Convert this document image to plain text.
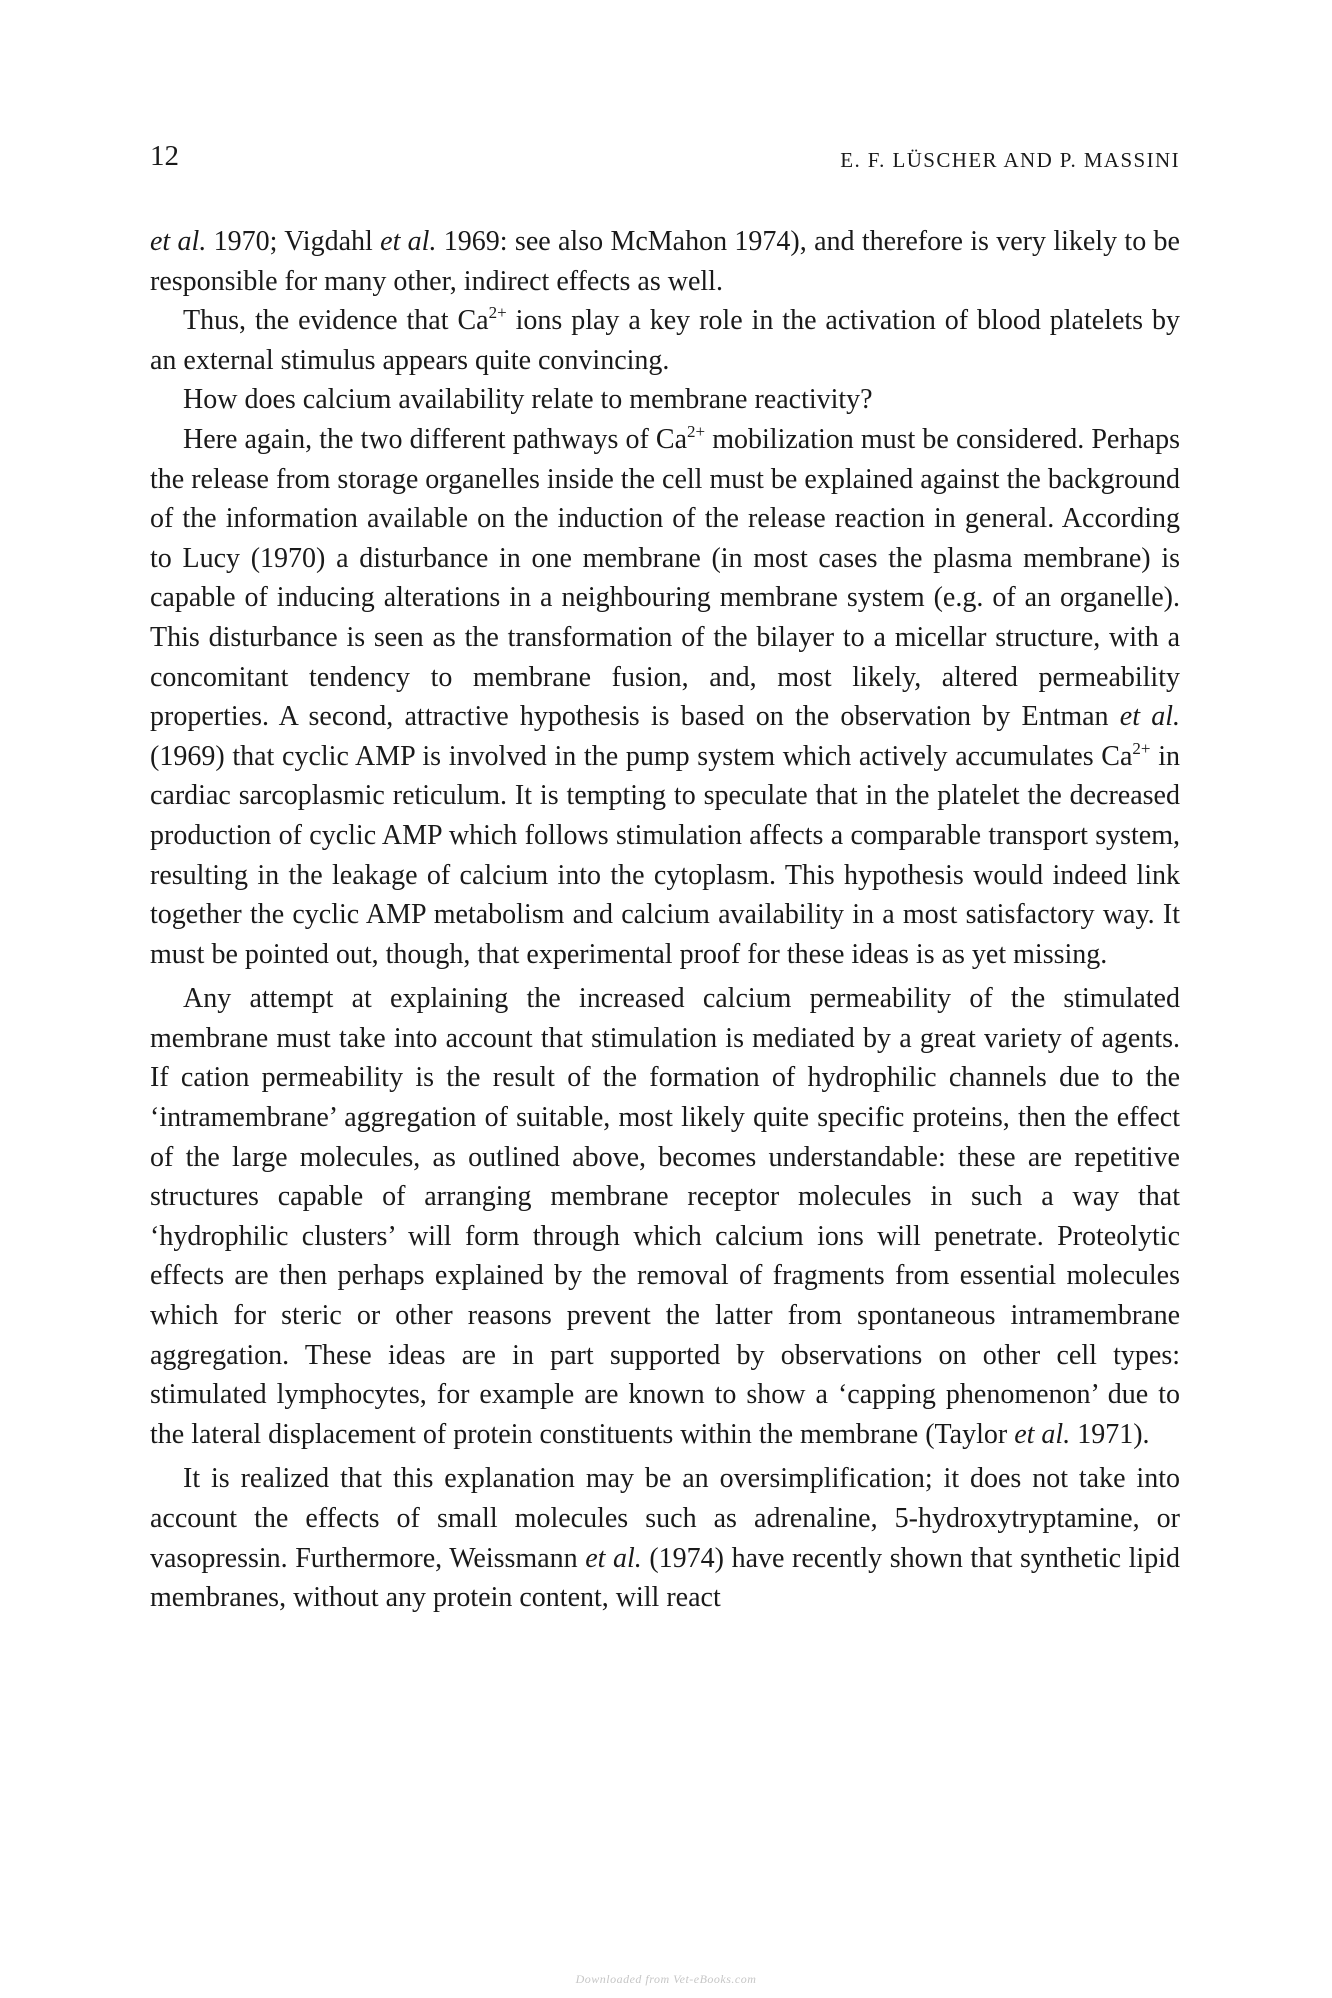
12	E. F. LÜSCHER AND P. MASSINI

et al. 1970; Vigdahl et al. 1969: see also McMahon 1974), and therefore is very likely to be responsible for many other, indirect effects as well.

Thus, the evidence that $Ca^{2+}$ ions play a key role in the activation of blood platelets by an external stimulus appears quite convincing.

How does calcium availability relate to membrane reactivity?

Here again, the two different pathways of $Ca^{2+}$ mobilization must be considered. Perhaps the release from storage organelles inside the cell must be explained against the background of the information available on the induction of the release reaction in general. According to Lucy (1970) a disturbance in one membrane (in most cases the plasma membrane) is capable of inducing alterations in a neighbouring membrane system (e.g. of an organelle). This disturbance is seen as the transformation of the bilayer to a micellar structure, with a concomitant tendency to membrane fusion, and, most likely, altered permeability properties. A second, attractive hypothesis is based on the observation by Entman et al. (1969) that cyclic AMP is involved in the pump system which actively accumulates $Ca^{2+}$ in cardiac sarcoplasmic reticulum. It is tempting to speculate that in the platelet the decreased production of cyclic AMP which follows stimulation affects a comparable transport system, resulting in the leakage of calcium into the cytoplasm. This hypothesis would indeed link together the cyclic AMP metabolism and calcium availability in a most satisfactory way. It must be pointed out, though, that experimental proof for these ideas is as yet missing.

Any attempt at explaining the increased calcium permeability of the stimulated membrane must take into account that stimulation is mediated by a great variety of agents. If cation permeability is the result of the formation of hydrophilic channels due to the ‘intramembrane’ aggregation of suitable, most likely quite specific proteins, then the effect of the large molecules, as outlined above, becomes understandable: these are repetitive structures capable of arranging membrane receptor molecules in such a way that ‘hydrophilic clusters’ will form through which calcium ions will penetrate. Proteolytic effects are then perhaps explained by the removal of fragments from essential molecules which for steric or other reasons prevent the latter from spontaneous intramembrane aggregation. These ideas are in part supported by observations on other cell types: stimulated lymphocytes, for example are known to show a ‘capping phenomenon’ due to the lateral displacement of protein constituents within the membrane (Taylor et al. 1971).

It is realized that this explanation may be an oversimplification; it does not take into account the effects of small molecules such as adrenaline, 5-hydroxytryptamine, or vasopressin. Furthermore, Weissmann et al. (1974) have recently shown that synthetic lipid membranes, without any protein content, will react

Downloaded from Vet-eBooks.com
